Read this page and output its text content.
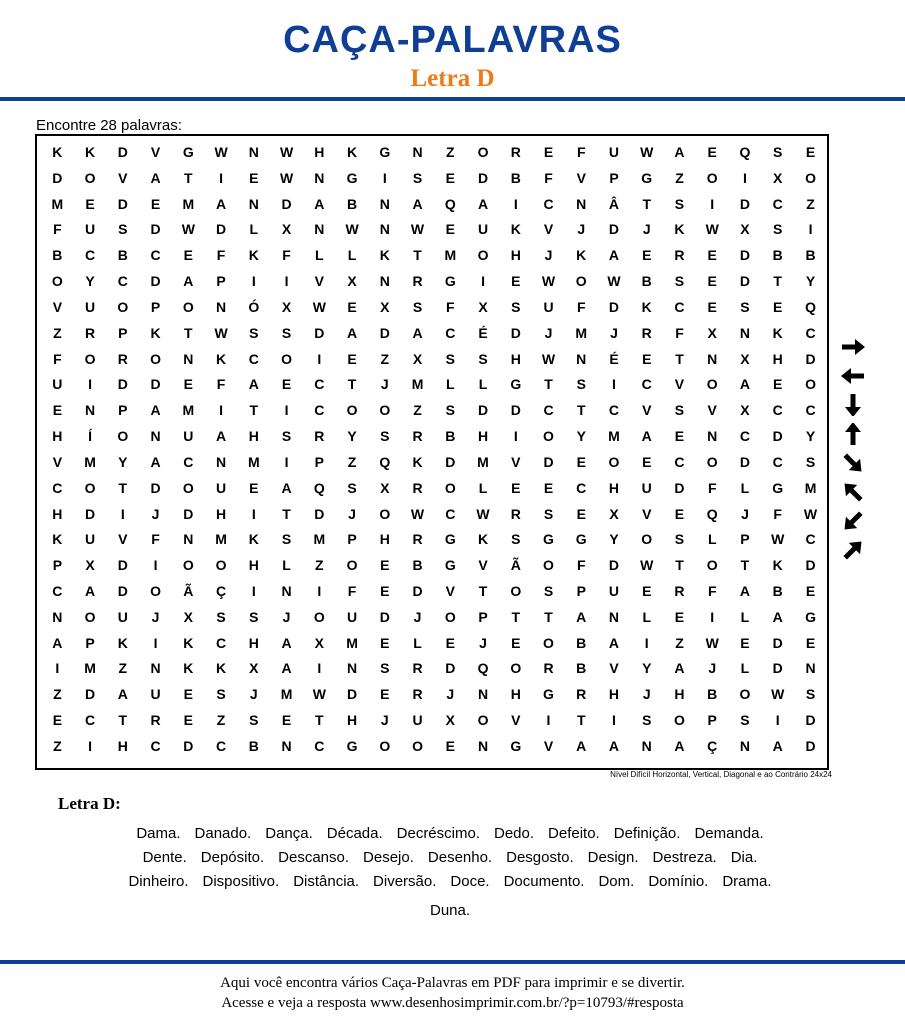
CAÇA-PALAVRAS
Letra D
Encontre 28 palavras:
K	K	D	V	G	W	N	W	H	K	G	N	Z	O	R	E	F	U	W	A	E	Q	S	E
D	O	V	A	T	I	E	W	N	G	I	S	E	D	B	F	V	P	G	Z	O	I	X	O
M	E	D	E	M	A	N	D	A	B	N	A	Q	A	I	C	N	Â	T	S	I	D	C	Z
F	U	S	D	W	D	L	X	N	W	N	W	E	U	K	V	J	D	J	K	W	X	S	I
B	C	B	C	E	F	K	F	L	L	K	T	M	O	H	J	K	A	E	R	E	D	B	B
O	Y	C	D	A	P	I	I	V	X	N	R	G	I	E	W	O	W	B	S	E	D	T	Y
V	U	O	P	O	N	Ó	X	W	E	X	S	F	X	S	U	F	D	K	C	E	S	E	Q
Z	R	P	K	T	W	S	S	D	A	D	A	C	É	D	J	M	J	R	F	X	N	K	C
F	O	R	O	N	K	C	O	I	E	Z	X	S	S	H	W	N	É	E	T	N	X	H	D
U	I	D	D	E	F	A	E	C	T	J	M	L	L	G	T	S	I	C	V	O	A	E	O
E	N	P	A	M	I	T	I	C	O	O	Z	S	D	D	C	T	C	V	S	V	X	C	C
H	Í	O	N	U	A	H	S	R	Y	S	R	B	H	I	O	Y	M	A	E	N	C	D	Y
V	M	Y	A	C	N	M	I	P	Z	Q	K	D	M	V	D	E	O	E	C	O	D	C	S
C	O	T	D	O	U	E	A	Q	S	X	R	O	L	E	E	C	H	U	D	F	L	G	M
H	D	I	J	D	H	I	T	D	J	O	W	C	W	R	S	E	X	V	E	Q	J	F	W
K	U	V	F	N	M	K	S	M	P	H	R	G	K	S	G	G	Y	O	S	L	P	W	C
P	X	D	I	O	O	H	L	Z	O	E	B	G	V	Ã	O	F	D	W	T	O	T	K	D
C	A	D	O	Ã	Ç	I	N	I	F	E	D	V	T	O	S	P	U	E	R	F	A	B	E
N	O	U	J	X	S	S	J	O	U	D	J	O	P	T	T	A	N	L	E	I	L	A	G
A	P	K	I	K	C	H	A	X	M	E	L	E	J	E	O	B	A	I	Z	W	E	D	E
I	M	Z	N	K	K	X	A	I	N	S	R	D	Q	O	R	B	V	Y	A	J	L	D	N
Z	D	A	U	E	S	J	M	W	D	E	R	J	N	H	G	R	H	J	H	B	O	W	S
E	C	T	R	E	Z	S	E	T	H	J	U	X	O	V	I	T	I	S	O	P	S	I	D
Z	I	H	C	D	C	B	N	C	G	O	O	E	N	G	V	A	A	N	A	Ç	N	A	D
Nível Difícil Horizontal, Vertical, Diagonal e ao Contrário 24x24
Letra D:
Dama. Danado. Dança. Década. Decréscimo. Dedo. Defeito. Definição. Demanda.
Dente. Depósito. Descanso. Desejo. Desenho. Desgosto. Design. Destreza. Dia.
Dinheiro. Dispositivo. Distância. Diversão. Doce. Documento. Dom. Domínio. Drama.
Duna.
Aqui você encontra vários Caça-Palavras em PDF para imprimir e se divertir.
Acesse e veja a resposta www.desenhosimprimir.com.br/?p=10793/#resposta
